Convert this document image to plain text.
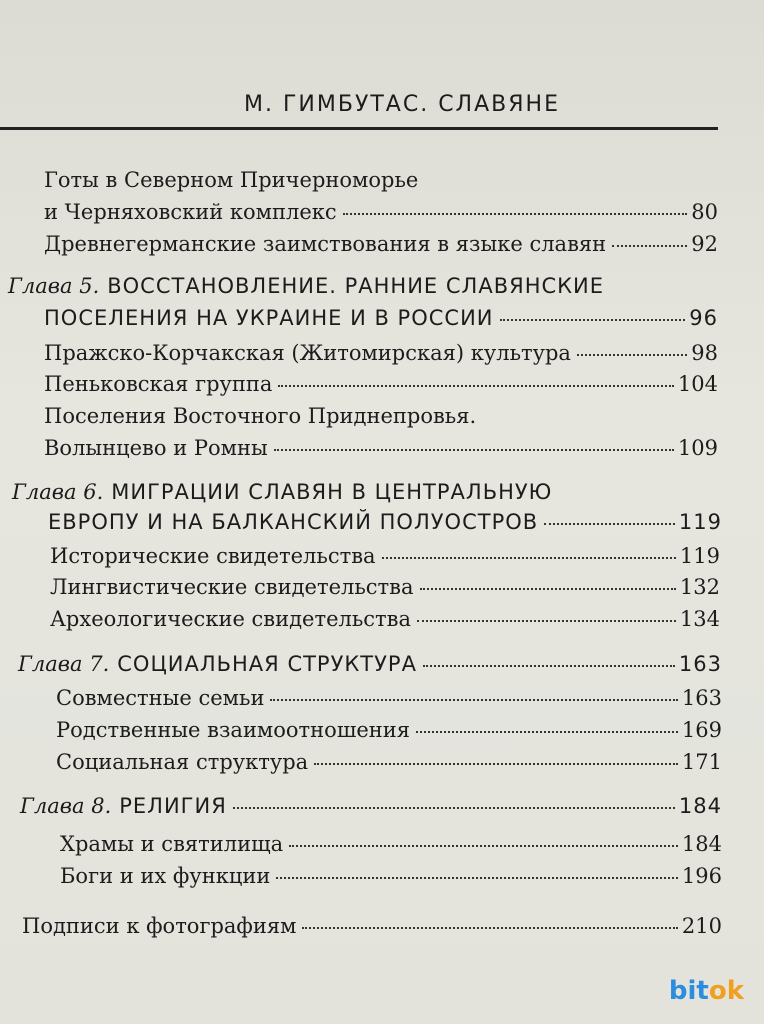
М. ГИМБУТАС. СЛАВЯНЕ
Готы в Северном Причерноморье
и Черняховский комплекс	80
Древнегерманские заимствования в языке славян	92
Глава 5. ВОССТАНОВЛЕНИЕ. РАННИЕ СЛАВЯНСКИЕ
ПОСЕЛЕНИЯ НА УКРАИНЕ И В РОССИИ	96
Пражско-Корчакская (Житомирская) культура	98
Пеньковская группа	104
Поселения Восточного Приднепровья.
Волынцево и Ромны	109
Глава 6. МИГРАЦИИ СЛАВЯН В ЦЕНТРАЛЬНУЮ
ЕВРОПУ И НА БАЛКАНСКИЙ ПОЛУОСТРОВ	119
Исторические свидетельства	119
Лингвистические свидетельства	132
Археологические свидетельства	134
Глава 7. СОЦИАЛЬНАЯ СТРУКТУРА	163
Совместные семьи	163
Родственные взаимоотношения	169
Социальная структура	171
Глава 8. РЕЛИГИЯ	184
Храмы и святилища	184
Боги и их функции	196
Подписи к фотографиям	210
bitok
